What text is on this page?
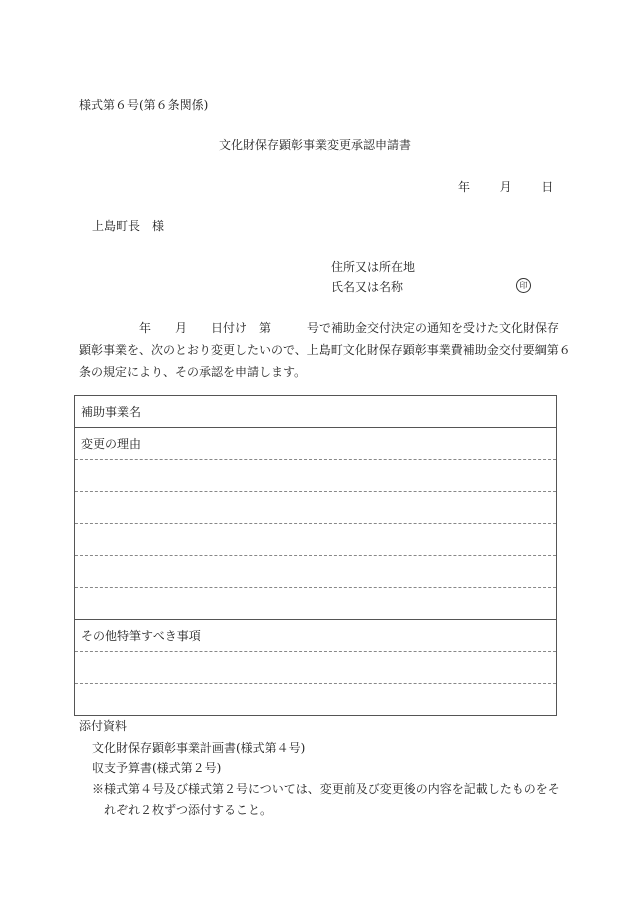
様式第６号(第６条関係)
文化財保存顕彰事業変更承認申請書
年 月 日
上島町長　様
住所又は所在地
氏名又は名称	印
　　　　　年　　月　　日付け　第　　　号で補助金交付決定の通知を受けた文化財保存
顕彰事業を、次のとおり変更したいので、上島町文化財保存顕彰事業費補助金交付要綱第６
条の規定により、その承認を申請します。
補助事業名
変更の理由

その他特筆すべき事項

添付資料
文化財保存顕彰事業計画書(様式第４号)
収支予算書(様式第２号)
※様式第４号及び様式第２号については、変更前及び変更後の内容を記載したものをそ
　れぞれ２枚ずつ添付すること。
